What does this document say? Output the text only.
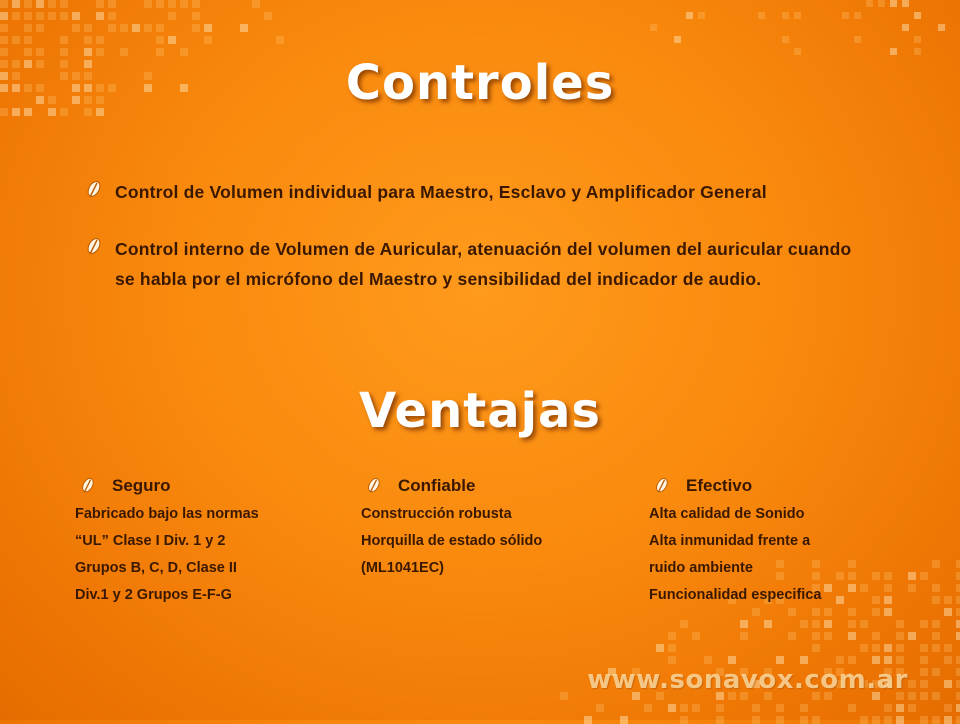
Controles
Control de Volumen individual para Maestro, Esclavo y Amplificador General
Control interno de Volumen de Auricular, atenuación del volumen del auricular cuando se habla por el micrófono del Maestro y sensibilidad del indicador de audio.
Ventajas
Seguro
Fabricado bajo las normas
“UL” Clase I Div. 1 y 2
Grupos B, C, D, Clase II
Div.1 y 2 Grupos E-F-G
Confiable
Construcción robusta
Horquilla de estado sólido
(ML1041EC)
Efectivo
Alta calidad de Sonido
Alta inmunidad frente a
ruido ambiente
Funcionalidad especifica
www.sonavox.com.ar
